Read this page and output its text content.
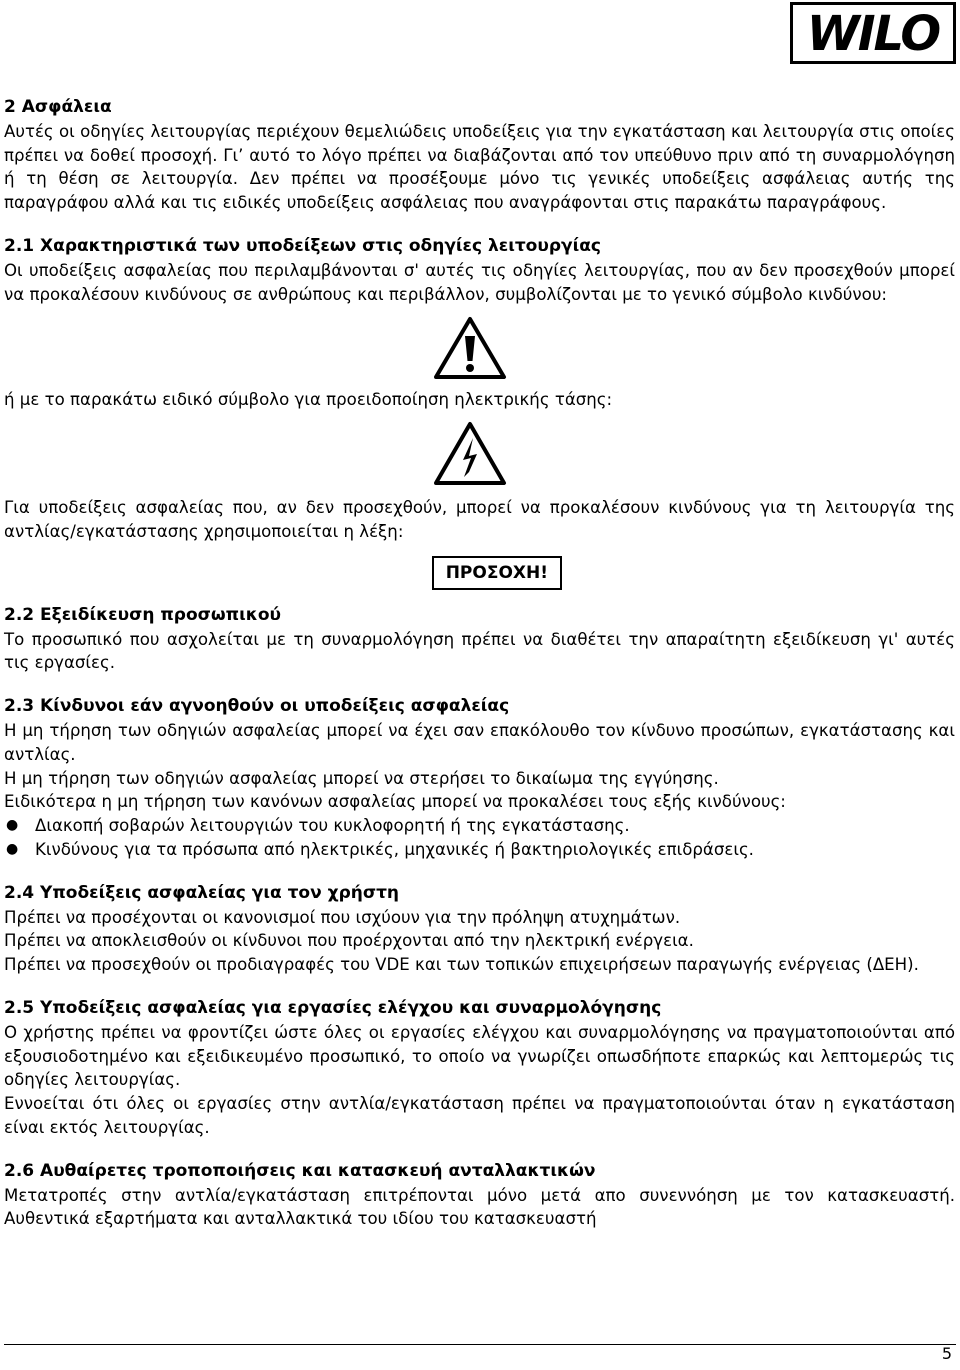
WILO
2 Ασφάλεια

Αυτές οι οδηγίες λειτουργίας περιέχουν θεμελιώδεις υποδείξεις για την εγκατάσταση και λειτουργία στις οποίες πρέπει να δοθεί προσοχή. Γι’ αυτό το λόγο πρέπει να διαβάζονται από τον υπεύθυνο πριν από τη συναρμολόγηση ή τη θέση σε λειτουργία. Δεν πρέπει να προσέξουμε μόνο τις γενικές υποδείξεις ασφάλειας αυτής της παραγράφου αλλά και τις ειδικές υποδείξεις ασφάλειας που αναγράφονται στις παρακάτω παραγράφους.

2.1 Χαρακτηριστικά των υποδείξεων στις οδηγίες λειτουργίας

Οι υποδείξεις ασφαλείας που περιλαμβάνονται σ' αυτές τις οδηγίες λειτουργίας, που αν δεν προσεχθούν μπορεί να προκαλέσουν κινδύνους σε ανθρώπους και περιβάλλον, συμβολίζονται με το γενικό σύμβολο κινδύνου:

ή με το παρακάτω ειδικό σύμβολο για προειδοποίηση ηλεκτρικής τάσης:

Για υποδείξεις ασφαλείας που, αν δεν προσεχθούν, μπορεί να προκαλέσουν κινδύνους για τη λειτουργία της αντλίας/εγκατάστασης χρησιμοποιείται η λέξη:

ΠΡΟΣΟΧΗ!
2.2 Εξειδίκευση προσωπικού

Το προσωπικό που ασχολείται με τη συναρμολόγηση πρέπει να διαθέτει την απαραίτητη εξειδίκευση γι' αυτές τις εργασίες.

2.3 Κίνδυνοι εάν αγνοηθούν οι υποδείξεις ασφαλείας

Η μη τήρηση των οδηγιών ασφαλείας μπορεί να έχει σαν επακόλουθο τον κίνδυνο προσώπων, εγκατάστασης και αντλίας.

Η μη τήρηση των οδηγιών ασφαλείας μπορεί να στερήσει το δικαίωμα της εγγύησης.

Ειδικότερα η μη τήρηση των κανόνων ασφαλείας μπορεί να προκαλέσει τους εξής κινδύνους:

● Διακοπή σοβαρών λειτουργιών του κυκλοφορητή ή της εγκατάστασης.
● Κινδύνους για τα πρόσωπα από ηλεκτρικές, μηχανικές ή βακτηριολογικές επιδράσεις.
2.4 Υποδείξεις ασφαλείας για τον χρήστη

Πρέπει να προσέχονται οι κανονισμοί που ισχύουν για την πρόληψη ατυχημάτων.

Πρέπει να αποκλεισθούν οι κίνδυνοι που προέρχονται από την ηλεκτρική ενέργεια.

Πρέπει να προσεχθούν οι προδιαγραφές του VDE και των τοπικών επιχειρήσεων παραγωγής ενέργειας (ΔΕΗ).

2.5 Υποδείξεις ασφαλείας για εργασίες ελέγχου και συναρμολόγησης

Ο χρήστης πρέπει να φροντίζει ώστε όλες οι εργασίες ελέγχου και συναρμολόγησης να πραγματοποιούνται από εξουσιοδοτημένο και εξειδικευμένο προσωπικό, το οποίο να γνωρίζει οπωσδήποτε επαρκώς και λεπτομερώς τις οδηγίες λειτουργίας.

Εννοείται ότι όλες οι εργασίες στην αντλία/εγκατάσταση πρέπει να πραγματοποιούνται όταν η εγκατάσταση είναι εκτός λειτουργίας.

2.6 Αυθαίρετες τροποποιήσεις και κατασκευή ανταλλακτικών

Μετατροπές στην αντλία/εγκατάσταση επιτρέπονται μόνο μετά απο συνεννόηση με τον κατασκευαστή. Αυθεντικά εξαρτήματα και ανταλλακτικά του ιδίου του κατασκευαστή

5
